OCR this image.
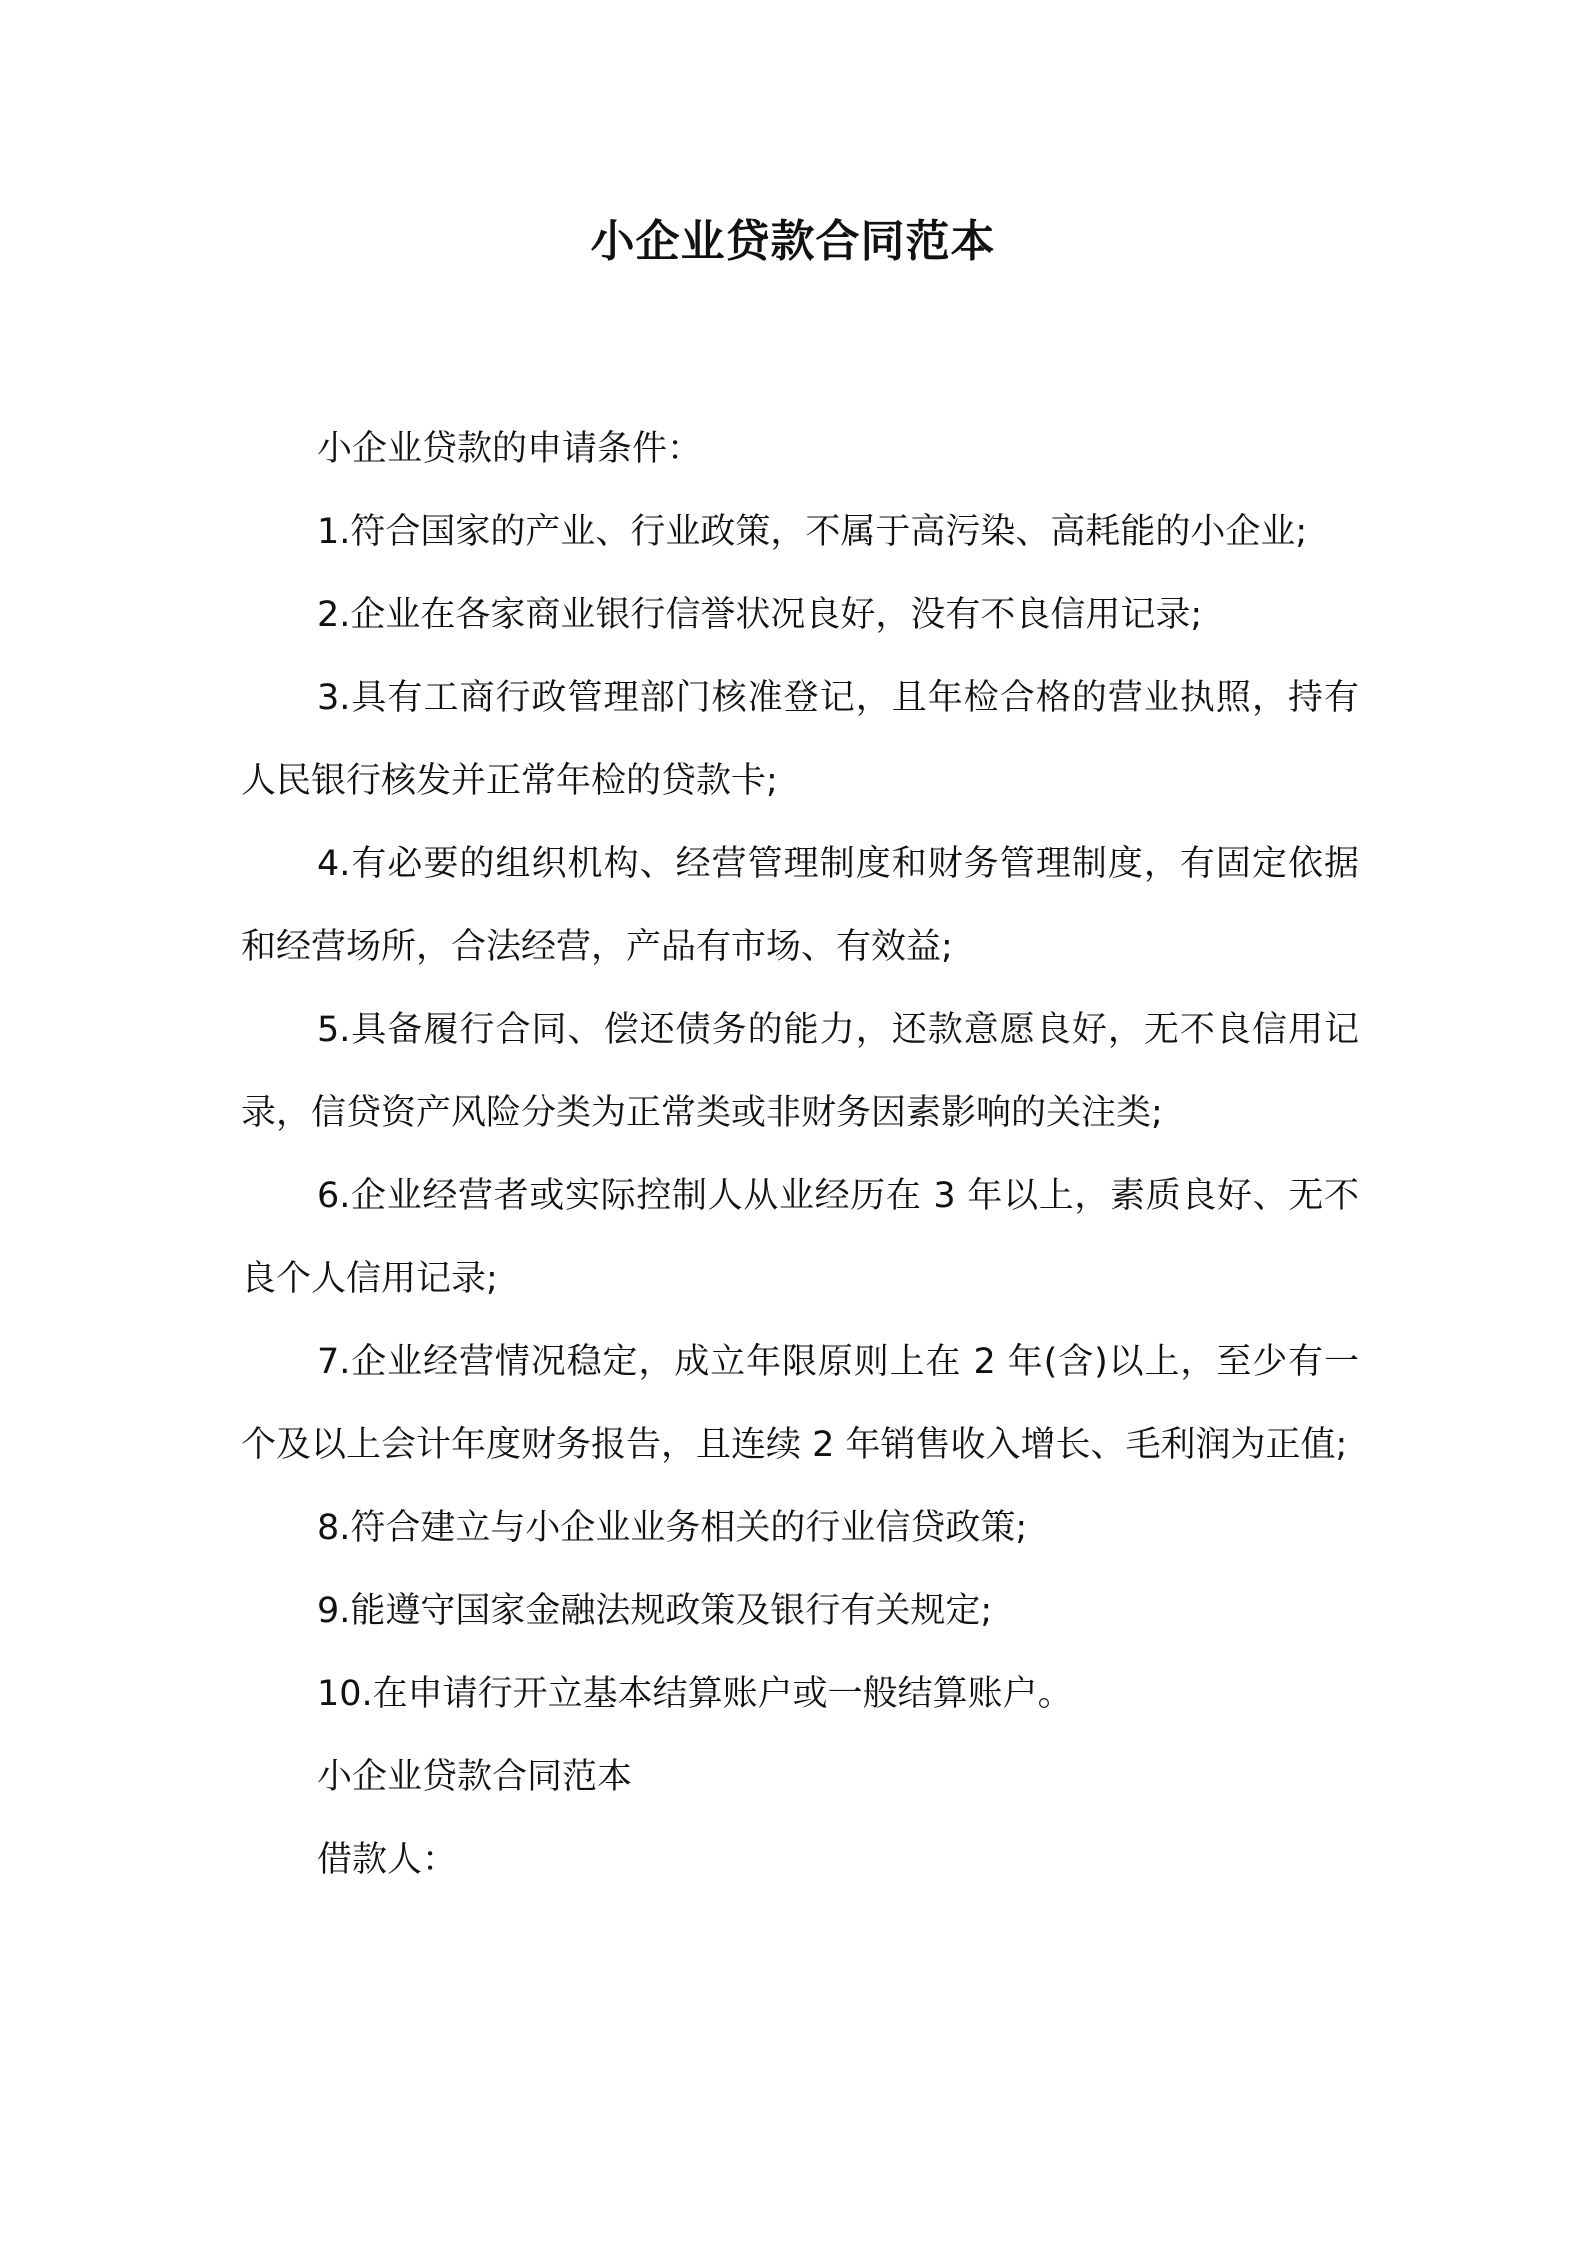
小企业贷款合同范本

小企业贷款的申请条件：

1.符合国家的产业、行业政策，不属于高污染、高耗能的小企业;

2.企业在各家商业银行信誉状况良好，没有不良信用记录;

3.具有工商行政管理部门核准登记，且年检合格的营业执照，持有人民银行核发并正常年检的贷款卡;

4.有必要的组织机构、经营管理制度和财务管理制度，有固定依据和经营场所，合法经营，产品有市场、有效益;

5.具备履行合同、偿还债务的能力，还款意愿良好，无不良信用记录，信贷资产风险分类为正常类或非财务因素影响的关注类;

6.企业经营者或实际控制人从业经历在 3 年以上，素质良好、无不良个人信用记录;

7.企业经营情况稳定，成立年限原则上在 2 年(含)以上，至少有一个及以上会计年度财务报告，且连续 2 年销售收入增长、毛利润为正值;

8.符合建立与小企业业务相关的行业信贷政策;

9.能遵守国家金融法规政策及银行有关规定;

10.在申请行开立基本结算账户或一般结算账户。

小企业贷款合同范本

借款人：
